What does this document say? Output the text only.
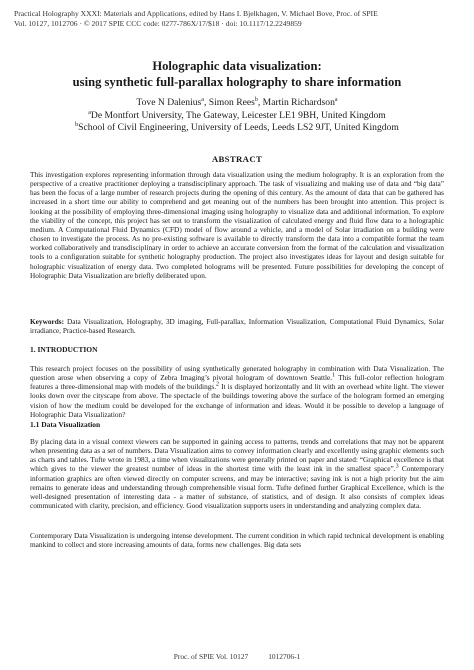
Practical Holography XXXI: Materials and Applications, edited by Hans I. Bjelkhagen, V. Michael Bove, Proc. of SPIE
Vol. 10127, 1012706 · © 2017 SPIE CCC code: 0277-786X/17/$18 · doi: 10.1117/12.2249859
Holographic data visualization:
using synthetic full-parallax holography to share information
Tove N Dalenius$^a$, Simon Rees$^b$, Martin Richardson$^a$
$^a$De Montfort University, The Gateway, Leicester LE1 9BH, United Kingdom
$^b$School of Civil Engineering, University of Leeds, Leeds LS2 9JT, United Kingdom
ABSTRACT
This investigation explores representing information through data visualization using the medium holography. It is an exploration from the perspective of a creative practitioner deploying a transdisciplinary approach. The task of visualizing and making use of data and “big data” has been the focus of a large number of research projects during the opening of this century. As the amount of data that can be gathered has increased in a short time our ability to comprehend and get meaning out of the numbers has been brought into attention. This project is looking at the possibility of employing three-dimensional imaging using holography to visualize data and additional information. To explore the viability of the concept, this project has set out to transform the visualization of calculated energy and fluid flow data to a holographic medium. A Computational Fluid Dynamics (CFD) model of flow around a vehicle, and a model of Solar irradiation on a building were chosen to investigate the process. As no pre-existing software is available to directly transform the data into a compatible format the team worked collaboratively and transdisciplinary in order to achieve an accurate conversion from the format of the calculation and visualization tools to a configuration suitable for synthetic holography production. The project also investigates ideas for layout and design suitable for holographic visualization of energy data. Two completed holograms will be presented. Future possibilities for developing the concept of Holographic Data Visualization are briefly deliberated upon.
Keywords: Data Visualization, Holography, 3D imaging, Full-parallax, Information Visualization, Computational Fluid Dynamics, Solar irradiance, Practice-based Research.
1. INTRODUCTION
This research project focuses on the possibility of using synthetically generated holography in combination with Data Visualization. The question arose when observing a copy of Zebra Imaging’s pivotal hologram of downtown Seattle.$^1$ This full-color reflection hologram features a three-dimensional map with models of the buildings.$^2$ It is displayed horizontally and lit with an overhead white light. The viewer looks down over the cityscape from above. The spectacle of the buildings towering above the surface of the hologram formed an emerging vision of how the medium could be developed for the exchange of information and ideas. Would it be possible to develop a language of Holographic Data Visualization?
1.1 Data Visualization
By placing data in a visual context viewers can be supported in gaining access to patterns, trends and correlations that may not be apparent when presenting data as a set of numbers. Data Visualization aims to convey information clearly and excellently using graphic elements such as charts and tables. Tufte wrote in 1983, a time when visualizations were generally printed on paper and stated: “Graphical excellence is that which gives to the viewer the greatest number of ideas in the shortest time with the least ink in the smallest space”.$^3$ Contemporary information graphics are often viewed directly on computer screens, and may be interactive; saving ink is not a high priority but the aim remains to generate ideas and understanding through comprehensible visual form. Tufte defined further Graphical Excellence, which is the well-designed presentation of interesting data - a matter of substance, of statistics, and of design. It also consists of complex ideas communicated with clarity, precision, and efficiency. Good visualization supports users in understanding and analyzing complex data.
Contemporary Data Visualization is undergoing intense development. The current condition in which rapid technical development is enabling mankind to collect and store increasing amounts of data, forms new challenges. Big data sets
Proc. of SPIE Vol. 10127	1012706-1
